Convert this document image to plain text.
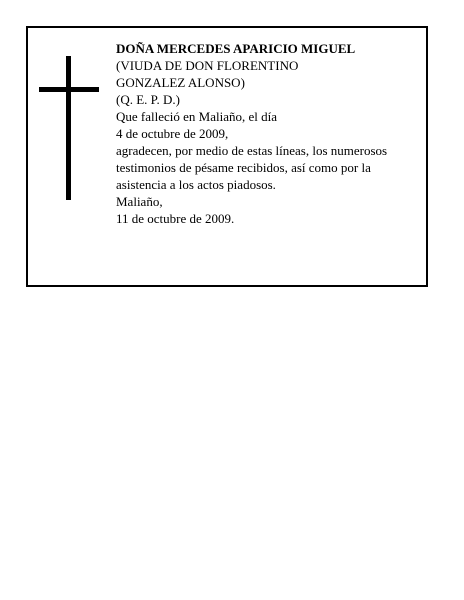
DOÑA MERCEDES APARICIO MIGUEL
(VIUDA DE DON FLORENTINO
GONZALEZ ALONSO)
(Q. E. P. D.)
Que falleció en Maliaño, el día
4 de octubre de 2009,
agradecen, por medio de estas líneas, los numerosos
testimonios de pésame recibidos, así como por la
asistencia a los actos piadosos.
Maliaño,
11 de octubre de 2009.
